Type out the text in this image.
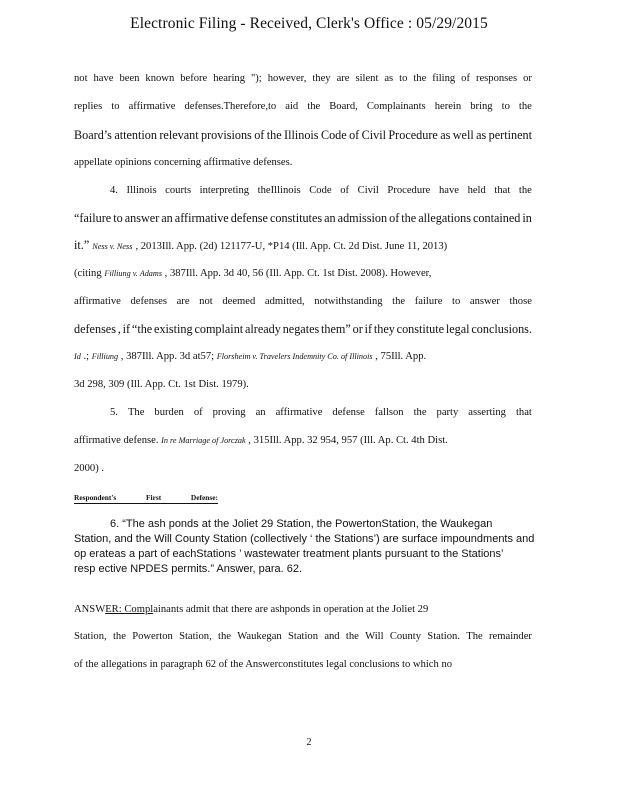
Electronic Filing - Received, Clerk's Office : 05/29/2015
not have been known before hearing "); however, they are silent as to the filing of responses or
replies to affirmative defenses.Therefore,to aid the Board, Complainants herein bring to the
Board’s attention relevant provisions of the Illinois Code of Civil Procedure as well as pertinent
appellate opinions concerning affirmative defenses.
4. Illinois courts interpreting theIllinois Code of Civil Procedure have held that the
“failure to answer an affirmative defense constitutes an admission of the allegations contained in
it.” Ness v. Ness , 2013Ill. App. (2d) 121177-U, *P14 (Ill. App. Ct. 2d Dist. June 11, 2013)
(citing Filliung v. Adams , 387Ill. App. 3d 40, 56 (Ill. App. Ct. 1st Dist. 2008). However,
affirmative defenses are not deemed admitted, notwithstanding the failure to answer those
defenses , if “the existing complaint already negates them” or if they constitute legal conclusions.
Id .; Filliung , 387Ill. App. 3d at57; Florsheim v. Travelers Indemnity Co. of Illinois , 75Ill. App.
3d 298, 309 (Ill. App. Ct. 1st Dist. 1979).
5. The burden of proving an affirmative defense fallson the party asserting that
affirmative defense. In re Marriage of Jorczak , 315Ill. App. 32 954, 957 (Ill. Ap. Ct. 4th Dist.
2000) .
Respondent's	First	Defense:
6. “The ash ponds at the Joliet 29 Station, the PowertonStation, the Waukegan
Station, and the Will County Station (collectively ‘ the Stations’) are surface impoundments and
op erateas a part of eachStations ’ wastewater treatment plants pursuant to the Stations’
resp ective NPDES permits.” Answer, para. 62.
ANSWER: Complainants admit that there are ashponds in operation at the Joliet 29
Station, the Powerton Station, the Waukegan Station and the Will County Station. The remainder
of the allegations in paragraph 62 of the Answerconstitutes legal conclusions to which no
2
